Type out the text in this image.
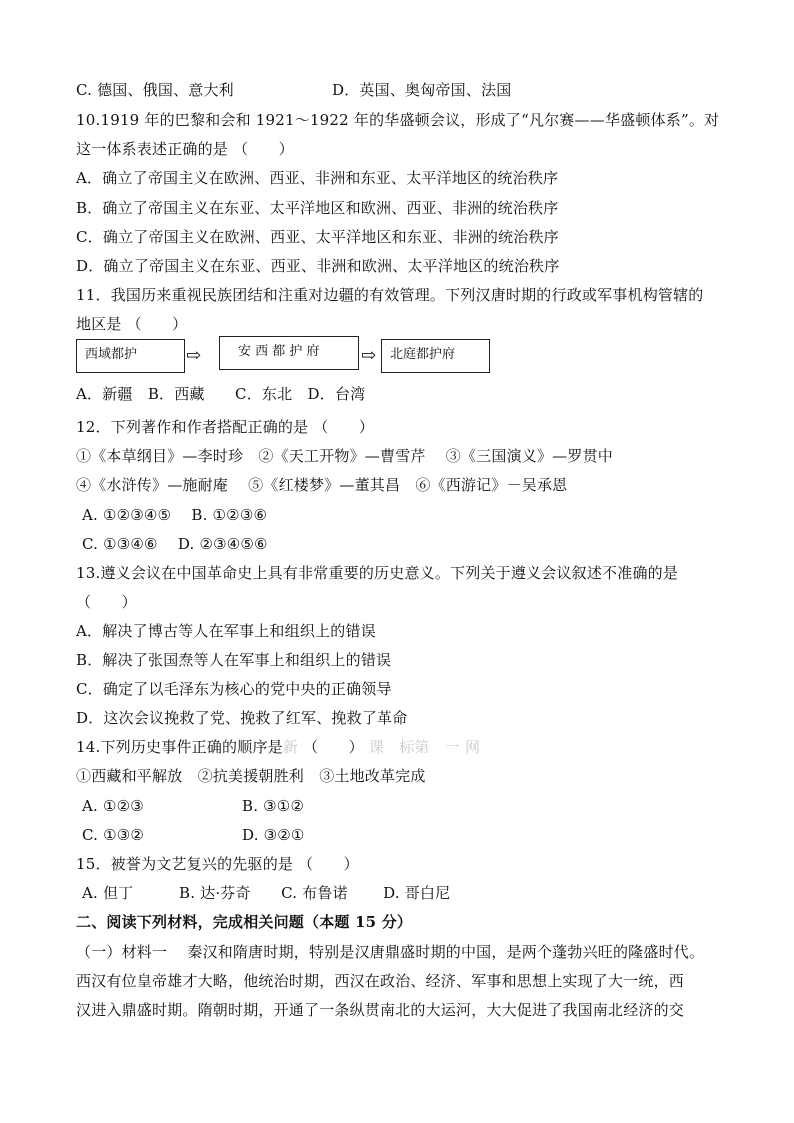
C. 德国、俄国、意大利	D．英国、奥匈帝国、法国
10.1919 年的巴黎和会和 1921～1922 年的华盛顿会议，形成了“凡尔赛——华盛顿体系”。对
这一体系表述正确的是 （　　）
A．确立了帝国主义在欧洲、西亚、非洲和东亚、太平洋地区的统治秩序
B．确立了帝国主义在东亚、太平洋地区和欧洲、西亚、非洲的统治秩序
C．确立了帝国主义在欧洲、西亚、太平洋地区和东亚、非洲的统治秩序
D．确立了帝国主义在东亚、西亚、非洲和欧洲、太平洋地区的统治秩序
11．我国历来重视民族团结和注重对边疆的有效管理。下列汉唐时期的行政或军事机构管辖的
地区是 （　　）
西域都护	⇨	安 西 都 护 府	⇨	北庭都护府
A．新疆　B．西藏　　C．东北　D．台湾
12．下列著作和作者搭配正确的是 （　　）
①《本草纲目》—李时珍　②《天工开物》—曹雪芹　 ③《三国演义》—罗贯中
④《水浒传》—施耐庵　 ⑤《红楼梦》—董其昌　⑥《西游记》－吴承恩
A. ①②③④⑤　 B. ①②③⑥
C. ①③④⑥　 D. ②③④⑤⑥
13.遵义会议在中国革命史上具有非常重要的历史意义。下列关于遵义会议叙述不准确的是
（　　）
A．解决了博古等人在军事上和组织上的错误
B．解决了张国焘等人在军事上和组织上的错误
C．确定了以毛泽东为核心的党中央的正确领导
D．这次会议挽救了党、挽救了红军、挽救了革命
14.下列历史事件正确的顺序是新 （　　） 课　标第　一 网
①西藏和平解放　②抗美援朝胜利　③土地改革完成
A. ①②③	B. ③①②
C. ①③②	D. ③②①
15．被誉为文艺复兴的先驱的是 （　　）
A. 但丁　　　B. 达·芬奇　　C. 布鲁诺　　 D. 哥白尼
二、阅读下列材料，完成相关问题（本题 15 分）
（一）材料一　 秦汉和隋唐时期，特别是汉唐鼎盛时期的中国，是两个蓬勃兴旺的隆盛时代。
西汉有位皇帝雄才大略，他统治时期，西汉在政治、经济、军事和思想上实现了大一统，西
汉进入鼎盛时期。隋朝时期，开通了一条纵贯南北的大运河，大大促进了我国南北经济的交
